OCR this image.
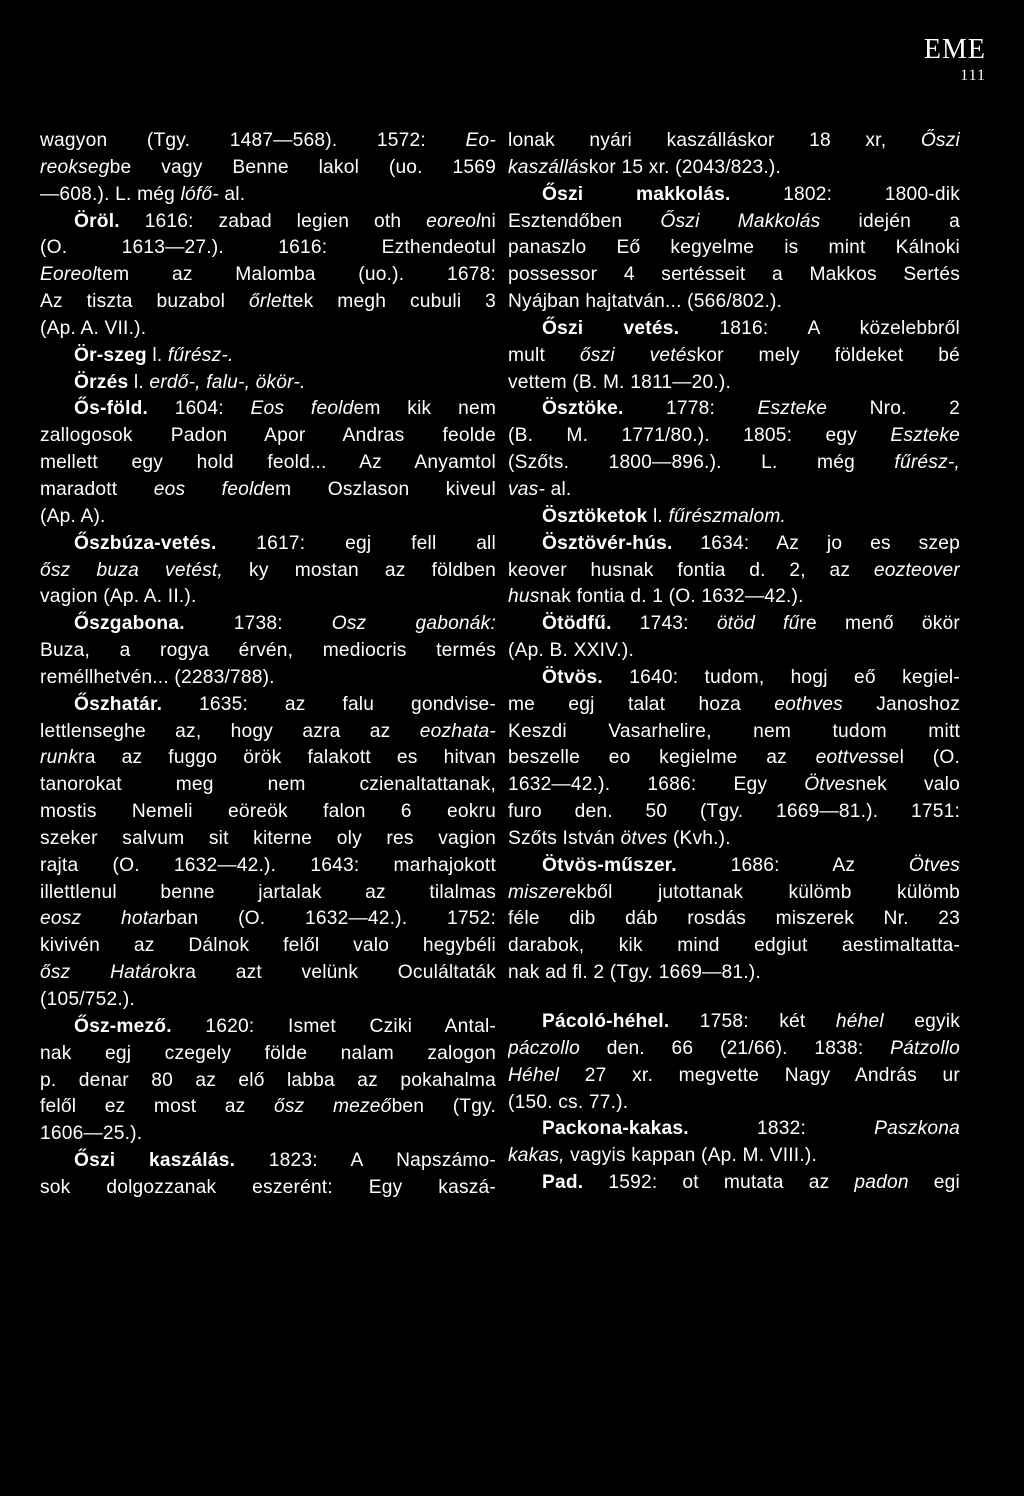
EME
111
wagyon (Tgy. 1487—568). 1572: Eo-
reoksegbe vagy Benne lakol (uo. 1569
—608.). L. még lófő- al.
Öröl. 1616: zabad legien oth eoreolni
(O. 1613—27.). 1616: Ezthendeotul
Eoreoltem az Malomba (uo.). 1678:
Az tiszta buzabol őrlettek megh cubuli 3
(Ap. A. VII.).
Ör-szeg l. fűrész-.
Örzés l. erdő-, falu-, ökör-.
Ős-föld. 1604: Eos feoldem kik nem
zallogosok Padon Apor Andras feolde
mellett egy hold feold... Az Anyamtol
maradott eos feoldem Oszlason kiveul
(Ap. A).
Őszbúza-vetés. 1617: egj fell all
ősz buza vetést, ky mostan az földben
vagion (Ap. A. II.).
Őszgabona. 1738: Osz gabonák:
Buza, a rogya érvén, mediocris termés
reméllhetvén... (2283/788).
Őszhatár. 1635: az falu gondvise-
lettlenseghe az, hogy azra az eozhata-
runkra az fuggo örök falakott es hitvan
tanorokat meg nem czienaltattanak,
mostis Nemeli eöreök falon 6 eokru
szeker salvum sit kiterne oly res vagion
rajta (O. 1632—42.). 1643: marhajokott
illettlenul benne jartalak az tilalmas
eosz hotarban (O. 1632—42.). 1752:
kivivén az Dálnok felől valo hegybéli
ősz Határokra azt velünk Oculáltaták
(105/752.).
Ősz-mező. 1620: Ismet Cziki Antal-
nak egj czegely földe nalam zalogon
p. denar 80 az elő labba az pokahalma
felől ez most az ősz mezeőben (Tgy.
1606—25.).
Őszi kaszálás. 1823: A Napszámo-
sok dolgozzanak eszerént: Egy kaszá-
lonak nyári kaszálláskor 18 xr, Őszi
kaszálláskor 15 xr. (2043/823.).
Őszi makkolás. 1802: 1800-dik
Esztendőben Őszi Makkolás idején a
panaszlo Eő kegyelme is mint Kálnoki
possessor 4 sertésseit a Makkos Sertés
Nyájban hajtatván... (566/802.).
Őszi vetés. 1816: A közelebbről
mult őszi vetéskor mely földeket bé
vettem (B. M. 1811—20.).
Ösztöke. 1778: Eszteke Nro. 2
(B. M. 1771/80.). 1805: egy Eszteke
(Szőts. 1800—896.). L. még fűrész-,
vas- al.
Ösztöketok l. fűrészmalom.
Ösztövér-hús. 1634: Az jo es szep
keover husnak fontia d. 2, az eozteover
husnak fontia d. 1 (O. 1632—42.).
Ötödfű. 1743: ötöd fűre menő ökör
(Ap. B. XXIV.).
Ötvös. 1640: tudom, hogj eő kegiel-
me egj talat hoza eothves Janoshoz
Keszdi Vasarhelire, nem tudom mitt
beszelle eo kegielme az eottvessel (O.
1632—42.). 1686: Egy Ötvesnek valo
furo den. 50 (Tgy. 1669—81.). 1751:
Szőts István ötves (Kvh.).
Ötvös-műszer. 1686: Az Ötves
miszerekből jutottanak külömb külömb
féle dib dáb rosdás miszerek Nr. 23
darabok, kik mind edgiut aestimaltatta-
nak ad fl. 2 (Tgy. 1669—81.).
Pácoló-héhel. 1758: két héhel egyik
páczollo den. 66 (21/66). 1838: Pátzollo
Héhel 27 xr. megvette Nagy András ur
(150. cs. 77.).
Packona-kakas. 1832: Paszkona
kakas, vagyis kappan (Ap. M. VIII.).
Pad. 1592: ot mutata az padon egi
